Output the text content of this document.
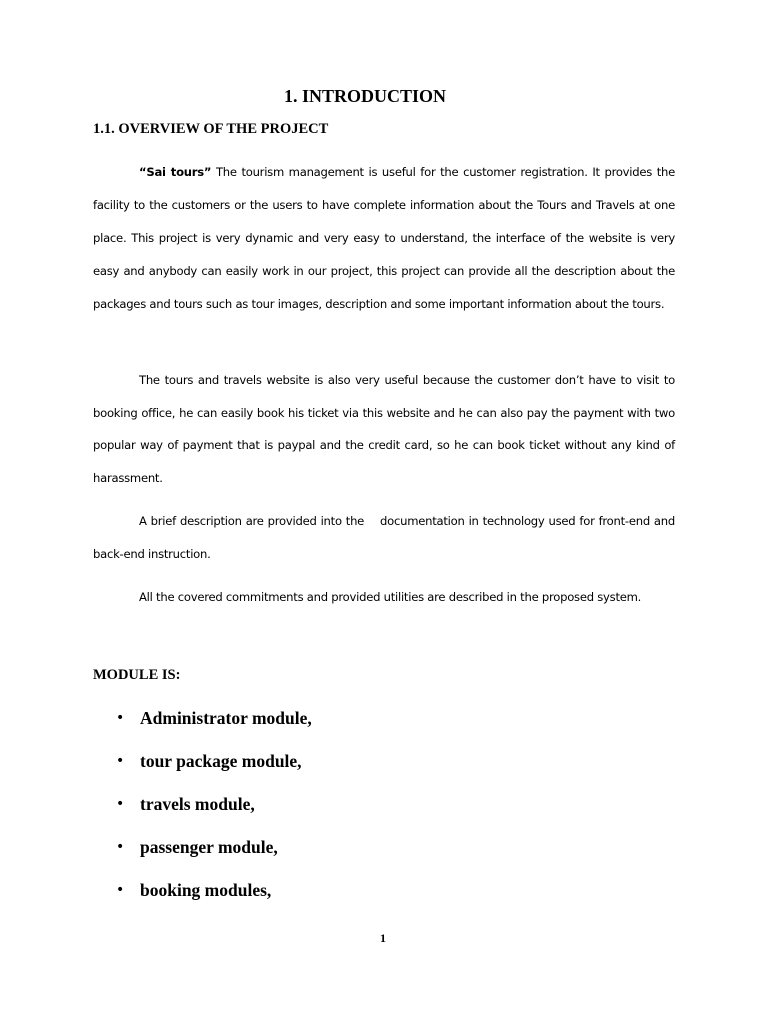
1. INTRODUCTION
1.1. OVERVIEW OF THE PROJECT

“Sai tours” The tourism management is useful for the customer registration. It provides the facility to the customers or the users to have complete information about the Tours and Travels at one place. This project is very dynamic and very easy to understand, the interface of the website is very easy and anybody can easily work in our project, this project can provide all the description about the packages and tours such as tour images, description and some important information about the tours.

The tours and travels website is also very useful because the customer don’t have to visit to booking office, he can easily book his ticket via this website and he can also pay the payment with two popular way of payment that is paypal and the credit card, so he can book ticket without any kind of harassment.

A brief description are provided into the    documentation in technology used for front-end and back-end instruction.

All the covered commitments and provided utilities are described in the proposed system.

MODULE IS:
• Administrator module,
• tour package module,
• travels module,
• passenger module,
• booking modules,
1
